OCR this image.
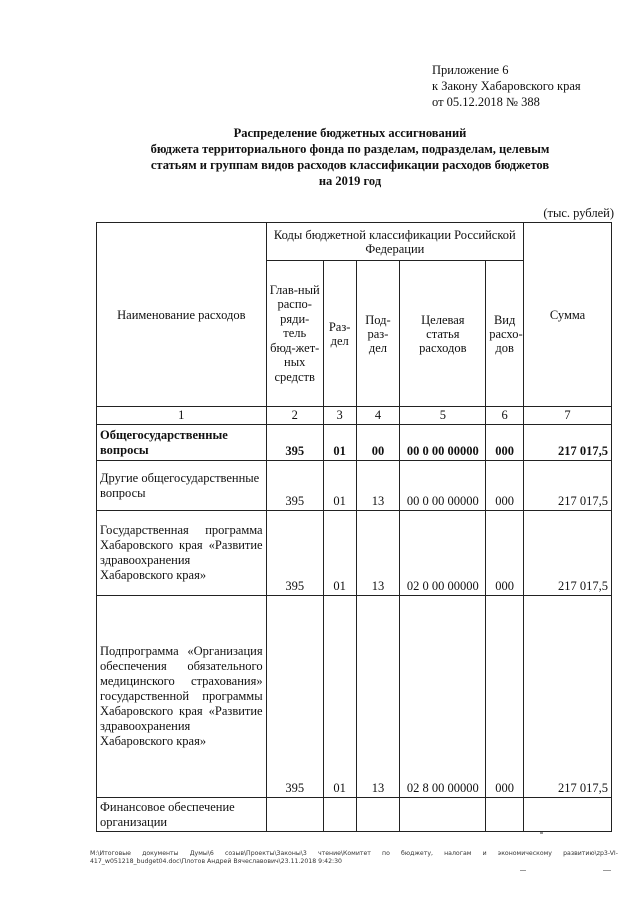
Приложение 6
к Закону Хабаровского края
от 05.12.2018 № 388
Распределение бюджетных ассигнований
бюджета территориального фонда по разделам, подразделам, целевым
статьям и группам видов расходов классификации расходов бюджетов
на 2019 год
(тыс. рублей)
Наименование расходов	Коды бюджетной классификации Российской Федерации					Сумма
	Глав-ный распо-ряди-тель бюд-жет-ных средств	Раз-дел	Под-раз-дел	Целевая статья расходов	Вид расхо-дов	
1	2	3	4	5	6	7
Общегосударственные вопросы	395	01	00	00 0 00 00000	000	217 017,5
Другие общегосударственные вопросы	395	01	13	00 0 00 00000	000	217 017,5
Государственная программа Хабаровского края «Развитие здравоохранения Хабаровского края»	395	01	13	02 0 00 00000	000	217 017,5
Подпрограмма «Организация обеспечения обязательного медицинского страхования» государственной программы Хабаровского края «Развитие здравоохранения Хабаровского края»	395	01	13	02 8 00 00000	000	217 017,5
Финансовое обеспечение организации						
M:\Итоговые документы Думы\6 созыв\Проекты\Законы\3 чтение\Комитет по бюджету, налогам и экономическому развитию\zp3-VI-417_w051218_budget04.doc\Плотов Андрей Вячеславович\23.11.2018 9:42:30
